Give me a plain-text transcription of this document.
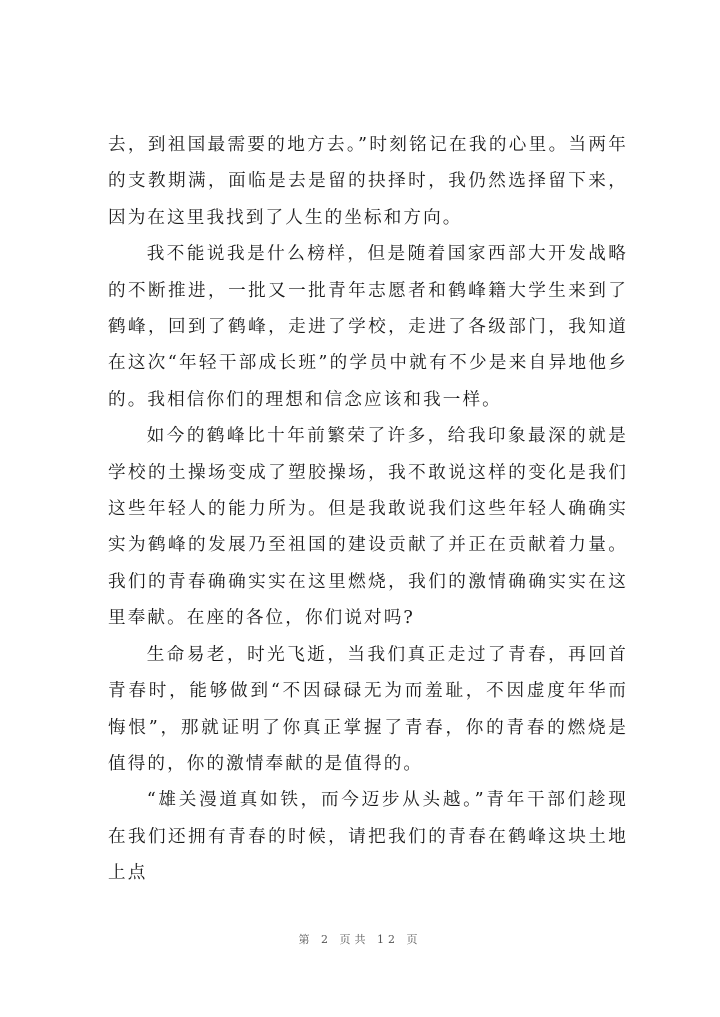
去，到祖国最需要的地方去。”时刻铭记在我的心里。当两年的支教期满，面临是去是留的抉择时，我仍然选择留下来，因为在这里我找到了人生的坐标和方向。

我不能说我是什么榜样，但是随着国家西部大开发战略的不断推进，一批又一批青年志愿者和鹤峰籍大学生来到了鹤峰，回到了鹤峰，走进了学校，走进了各级部门，我知道在这次“年轻干部成长班”的学员中就有不少是来自异地他乡的。我相信你们的理想和信念应该和我一样。

如今的鹤峰比十年前繁荣了许多，给我印象最深的就是学校的土操场变成了塑胶操场，我不敢说这样的变化是我们这些年轻人的能力所为。但是我敢说我们这些年轻人确确实实为鹤峰的发展乃至祖国的建设贡献了并正在贡献着力量。我们的青春确确实实在这里燃烧，我们的激情确确实实在这里奉献。在座的各位，你们说对吗?

生命易老，时光飞逝，当我们真正走过了青春，再回首青春时，能够做到“不因碌碌无为而羞耻，不因虚度年华而悔恨”，那就证明了你真正掌握了青春，你的青春的燃烧是值得的，你的激情奉献的是值得的。

“雄关漫道真如铁，而今迈步从头越。”青年干部们趁现在我们还拥有青春的时候，请把我们的青春在鹤峰这块土地上点

第 2 页共 12 页
